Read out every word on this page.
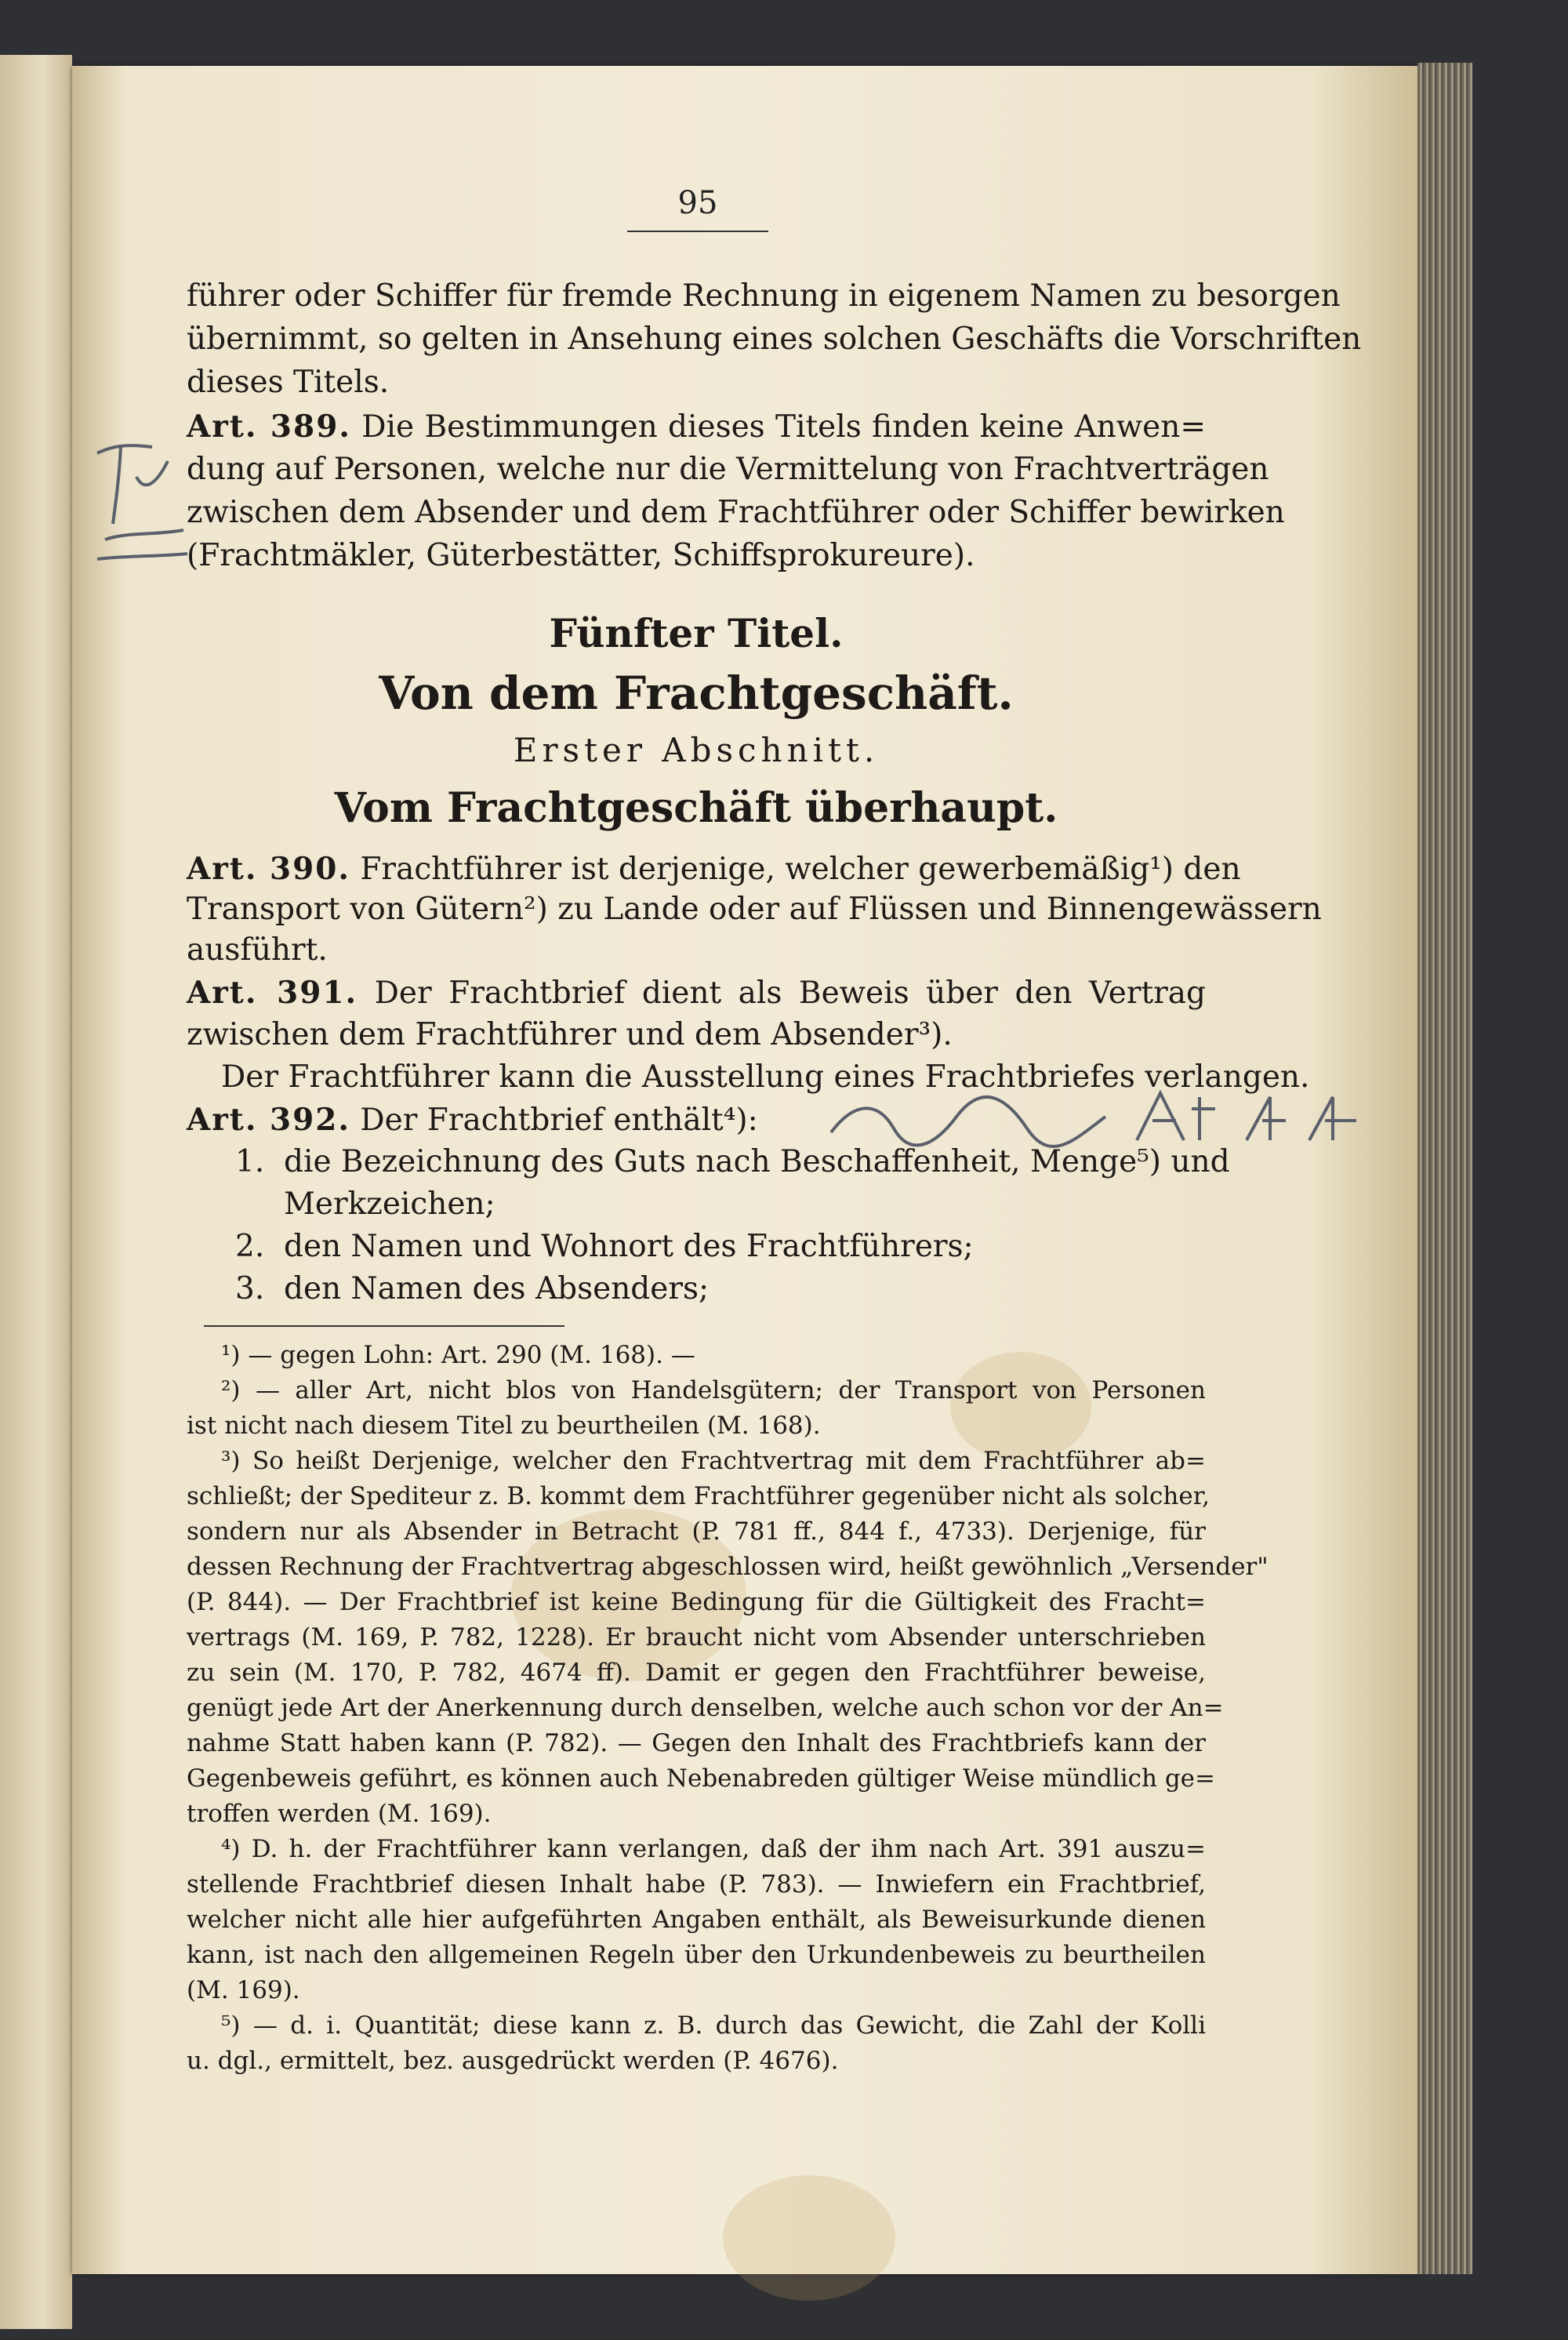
95
führer oder Schiffer für fremde Rechnung in eigenem Namen zu besorgen
übernimmt, so gelten in Ansehung eines solchen Geschäfts die Vorschriften
dieses Titels.
Art. 389. Die Bestimmungen dieses Titels finden keine Anwen=
dung auf Personen, welche nur die Vermittelung von Frachtverträgen
zwischen dem Absender und dem Frachtführer oder Schiffer bewirken
(Frachtmäkler, Güterbestätter, Schiffsprokureure).
Fünfter Titel.
Von dem Frachtgeschäft.
Erster Abschnitt.
Vom Frachtgeschäft überhaupt.
Art. 390. Frachtführer ist derjenige, welcher gewerbemäßig¹) den
Transport von Gütern²) zu Lande oder auf Flüssen und Binnengewässern
ausführt.
Art. 391. Der Frachtbrief dient als Beweis über den Vertrag
zwischen dem Frachtführer und dem Absender³).
Der Frachtführer kann die Ausstellung eines Frachtbriefes verlangen.
Art. 392. Der Frachtbrief enthält⁴):
1. die Bezeichnung des Guts nach Beschaffenheit, Menge⁵) und
Merkzeichen;
2. den Namen und Wohnort des Frachtführers;
3. den Namen des Absenders;
¹) — gegen Lohn: Art. 290 (M. 168). —
²) — aller Art, nicht blos von Handelsgütern; der Transport von Personen
ist nicht nach diesem Titel zu beurtheilen (M. 168).
³) So heißt Derjenige, welcher den Frachtvertrag mit dem Frachtführer ab=
schließt; der Spediteur z. B. kommt dem Frachtführer gegenüber nicht als solcher,
sondern nur als Absender in Betracht (P. 781 ff., 844 f., 4733). Derjenige, für
dessen Rechnung der Frachtvertrag abgeschlossen wird, heißt gewöhnlich „Versender"
(P. 844). — Der Frachtbrief ist keine Bedingung für die Gültigkeit des Fracht=
vertrags (M. 169, P. 782, 1228). Er braucht nicht vom Absender unterschrieben
zu sein (M. 170, P. 782, 4674 ff). Damit er gegen den Frachtführer beweise,
genügt jede Art der Anerkennung durch denselben, welche auch schon vor der An=
nahme Statt haben kann (P. 782). — Gegen den Inhalt des Frachtbriefs kann der
Gegenbeweis geführt, es können auch Nebenabreden gültiger Weise mündlich ge=
troffen werden (M. 169).
⁴) D. h. der Frachtführer kann verlangen, daß der ihm nach Art. 391 auszu=
stellende Frachtbrief diesen Inhalt habe (P. 783). — Inwiefern ein Frachtbrief,
welcher nicht alle hier aufgeführten Angaben enthält, als Beweisurkunde dienen
kann, ist nach den allgemeinen Regeln über den Urkundenbeweis zu beurtheilen
(M. 169).
⁵) — d. i. Quantität; diese kann z. B. durch das Gewicht, die Zahl der Kolli
u. dgl., ermittelt, bez. ausgedrückt werden (P. 4676).
